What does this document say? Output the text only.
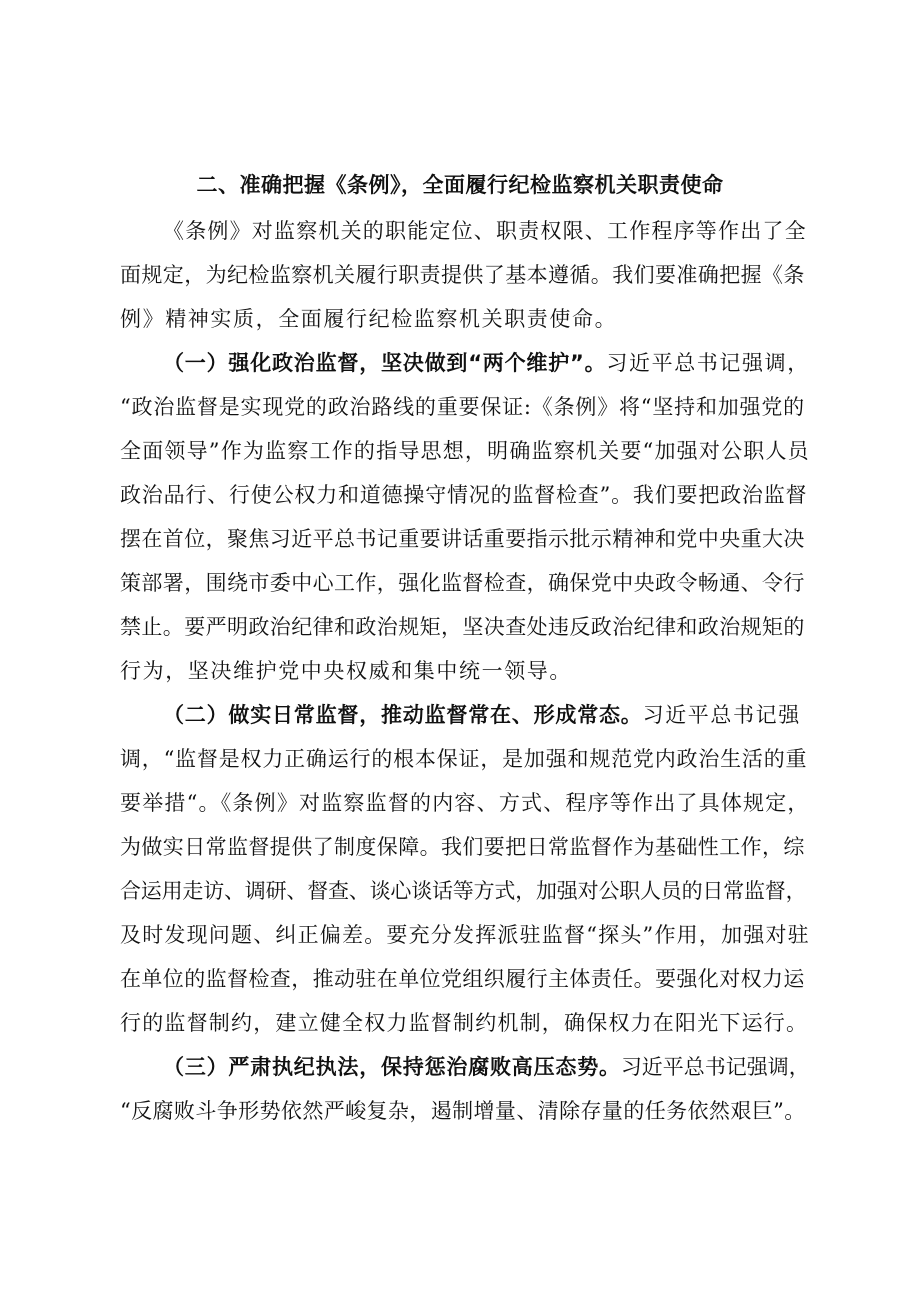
二、准确把握《条例》，全面履行纪检监察机关职责使命
《条例》对监察机关的职能定位、职责权限、工作程序等作出了全
面规定，为纪检监察机关履行职责提供了基本遵循。我们要准确把握《条
例》精神实质，全面履行纪检监察机关职责使命。
（一）强化政治监督，坚决做到“两个维护”。习近平总书记强调，
“政治监督是实现党的政治路线的重要保证:《条例》将“坚持和加强党的
全面领导”作为监察工作的指导思想，明确监察机关要“加强对公职人员
政治品行、行使公权力和道德操守情况的监督检查”。我们要把政治监督
摆在首位，聚焦习近平总书记重要讲话重要指示批示精神和党中央重大决
策部署，围绕市委中心工作，强化监督检查，确保党中央政令畅通、令行
禁止。要严明政治纪律和政治规矩，坚决查处违反政治纪律和政治规矩的
行为，坚决维护党中央权威和集中统一领导。
（二）做实日常监督，推动监督常在、形成常态。习近平总书记强
调，“监督是权力正确运行的根本保证，是加强和规范党内政治生活的重
要举措“。《条例》对监察监督的内容、方式、程序等作出了具体规定，
为做实日常监督提供了制度保障。我们要把日常监督作为基础性工作，综
合运用走访、调研、督查、谈心谈话等方式，加强对公职人员的日常监督，
及时发现问题、纠正偏差。要充分发挥派驻监督“探头”作用，加强对驻
在单位的监督检查，推动驻在单位党组织履行主体责任。要强化对权力运
行的监督制约，建立健全权力监督制约机制，确保权力在阳光下运行。
（三）严肃执纪执法，保持惩治腐败高压态势。习近平总书记强调，
“反腐败斗争形势依然严峻复杂，遏制增量、清除存量的任务依然艰巨”。
